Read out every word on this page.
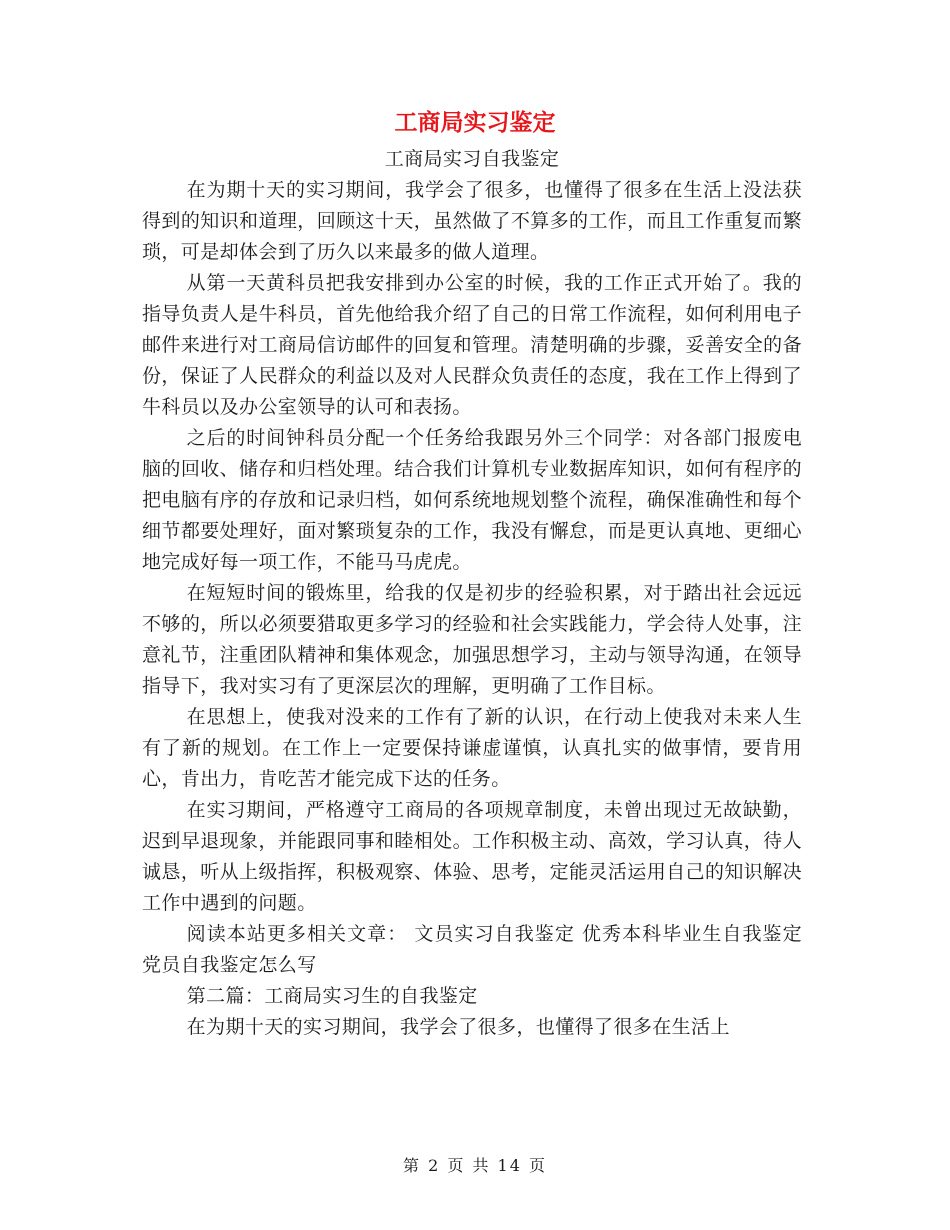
工商局实习鉴定

工商局实习自我鉴定

在为期十天的实习期间，我学会了很多，也懂得了很多在生活上没法获得到的知识和道理，回顾这十天，虽然做了不算多的工作，而且工作重复而繁琐，可是却体会到了历久以来最多的做人道理。

从第一天黄科员把我安排到办公室的时候，我的工作正式开始了。我的指导负责人是牛科员，首先他给我介绍了自己的日常工作流程，如何利用电子邮件来进行对工商局信访邮件的回复和管理。清楚明确的步骤，妥善安全的备份，保证了人民群众的利益以及对人民群众负责任的态度，我在工作上得到了牛科员以及办公室领导的认可和表扬。

之后的时间钟科员分配一个任务给我跟另外三个同学：对各部门报废电脑的回收、储存和归档处理。结合我们计算机专业数据库知识，如何有程序的把电脑有序的存放和记录归档，如何系统地规划整个流程，确保准确性和每个细节都要处理好，面对繁琐复杂的工作，我没有懈怠，而是更认真地、更细心地完成好每一项工作，不能马马虎虎。

在短短时间的锻炼里，给我的仅是初步的经验积累，对于踏出社会远远不够的，所以必须要猎取更多学习的经验和社会实践能力，学会待人处事，注意礼节，注重团队精神和集体观念，加强思想学习，主动与领导沟通，在领导指导下，我对实习有了更深层次的理解，更明确了工作目标。

在思想上，使我对没来的工作有了新的认识，在行动上使我对未来人生有了新的规划。在工作上一定要保持谦虚谨慎，认真扎实的做事情，要肯用心，肯出力，肯吃苦才能完成下达的任务。

在实习期间，严格遵守工商局的各项规章制度，未曾出现过无故缺勤，迟到早退现象，并能跟同事和睦相处。工作积极主动、高效，学习认真，待人诚恳，听从上级指挥，积极观察、体验、思考，定能灵活运用自己的知识解决工作中遇到的问题。

阅读本站更多相关文章： 文员实习自我鉴定 优秀本科毕业生自我鉴定 党员自我鉴定怎么写

第二篇：工商局实习生的自我鉴定

在为期十天的实习期间，我学会了很多，也懂得了很多在生活上

第 2 页 共 14 页
